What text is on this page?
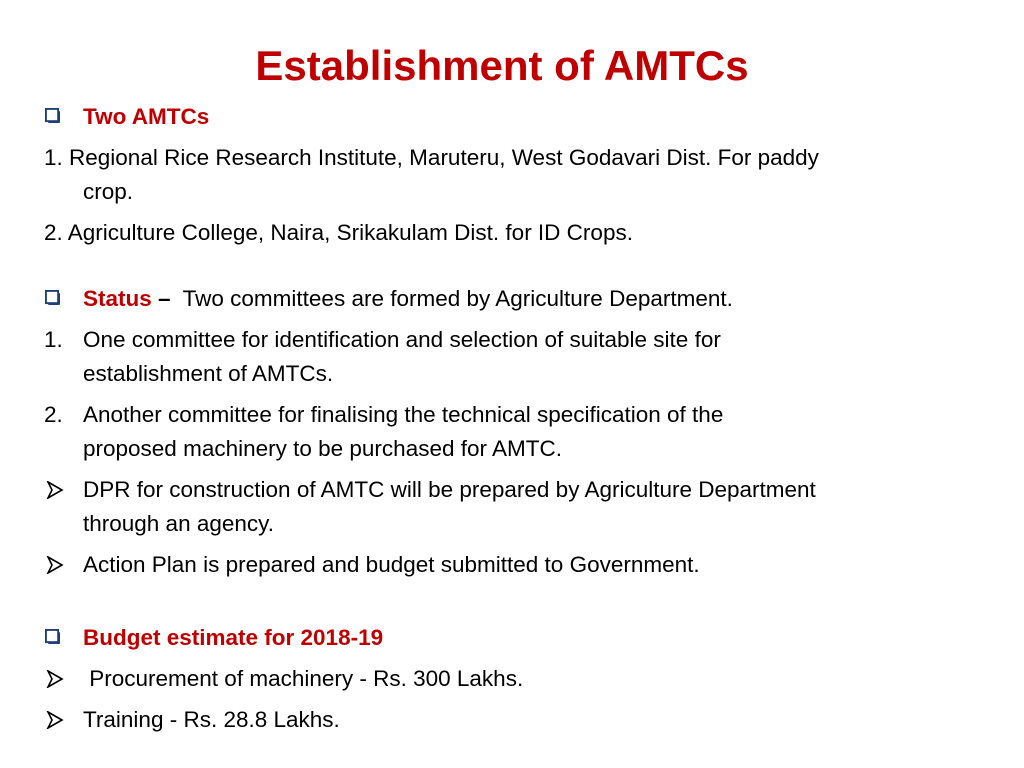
Establishment of AMTCs
Two AMTCs
1. Regional Rice Research Institute, Maruteru, West Godavari Dist. For paddy
crop.
2. Agriculture College, Naira, Srikakulam Dist. for ID Crops.
Status – Two committees are formed by Agriculture Department.
1. One committee for identification and selection of suitable site for
establishment of AMTCs.
2. Another committee for finalising the technical specification of the
proposed machinery to be purchased for AMTC.
DPR for construction of AMTC will be prepared by Agriculture Department
through an agency.
Action Plan is prepared and budget submitted to Government.
Budget estimate for 2018-19
Procurement of machinery - Rs. 300 Lakhs.
Training - Rs. 28.8 Lakhs.
